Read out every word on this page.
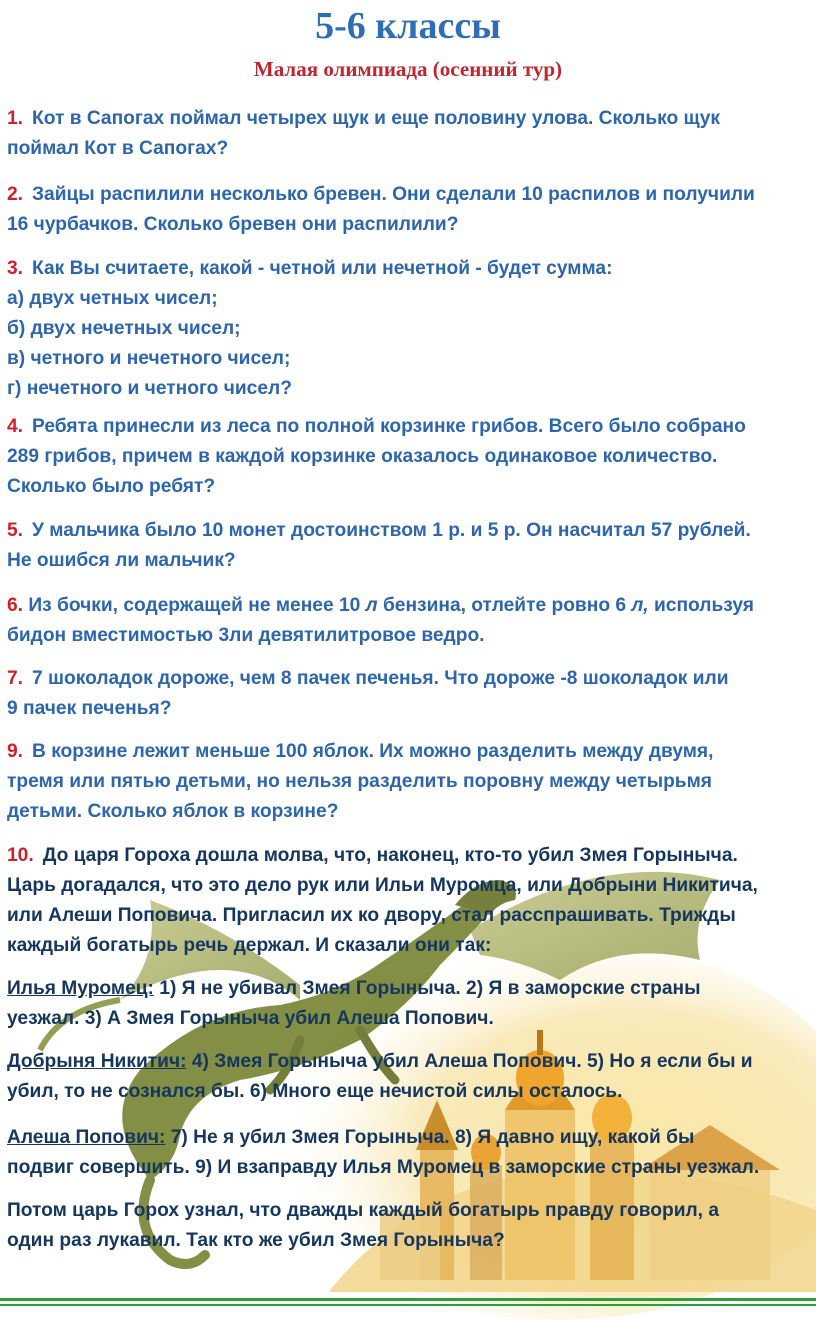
5-6 классы
Малая олимпиада (осенний тур)

1. Кот в Сапогах поймал четырех щук и еще половину улова. Сколько щук
поймал Кот в Сапогах?

2. Зайцы распилили несколько бревен. Они сделали 10 распилов и получили
16 чурбачков. Сколько бревен они распилили?

3. Как Вы считаете, какой - четной или нечетной - будет сумма:
а) двух четных чисел;
б) двух нечетных чисел;
в) четного и нечетного чисел;
г) нечетного и четного чисел?

4. Ребята принесли из леса по полной корзинке грибов. Всего было собрано
289 грибов, причем в каждой корзинке оказалось одинаковое количество.
Сколько было ребят?

5. У мальчика было 10 монет достоинством 1 р. и 5 р. Он насчитал 57 рублей.
Не ошибся ли мальчик?

6. Из бочки, содержащей не менее 10 л бензина, отлейте ровно 6 л, используя
бидон вместимостью 3ли девятилитровое ведро.

7. 7 шоколадок дороже, чем 8 пачек печенья. Что дороже -8 шоколадок или
9 пачек печенья?

9. В корзине лежит меньше 100 яблок. Их можно разделить между двумя,
тремя или пятью детьми, но нельзя разделить поровну между четырьмя
детьми. Сколько яблок в корзине?

10. До царя Гороха дошла молва, что, наконец, кто-то убил Змея Горыныча.
Царь догадался, что это дело рук или Ильи Муромца, или Добрыни Никитича,
или Алеши Поповича. Пригласил их ко двору, стал расспрашивать. Трижды
каждый богатырь речь держал. И сказали они так:

Илья Муромец: 1) Я не убивал Змея Горыныча. 2) Я в заморские страны
уезжал. 3) А Змея Горыныча убил Алеша Попович.

Добрыня Никитич: 4) Змея Горыныча убил Алеша Попович. 5) Но я если бы и
убил, то не сознался бы. 6) Много еще нечистой силы осталось.

Алеша Попович: 7) Не я убил Змея Горыныча. 8) Я давно ищу, какой бы
подвиг совершить. 9) И взаправду Илья Муромец в заморские страны уезжал.

Потом царь Горох узнал, что дважды каждый богатырь правду говорил, а
один раз лукавил. Так кто же убил Змея Горыныча?
